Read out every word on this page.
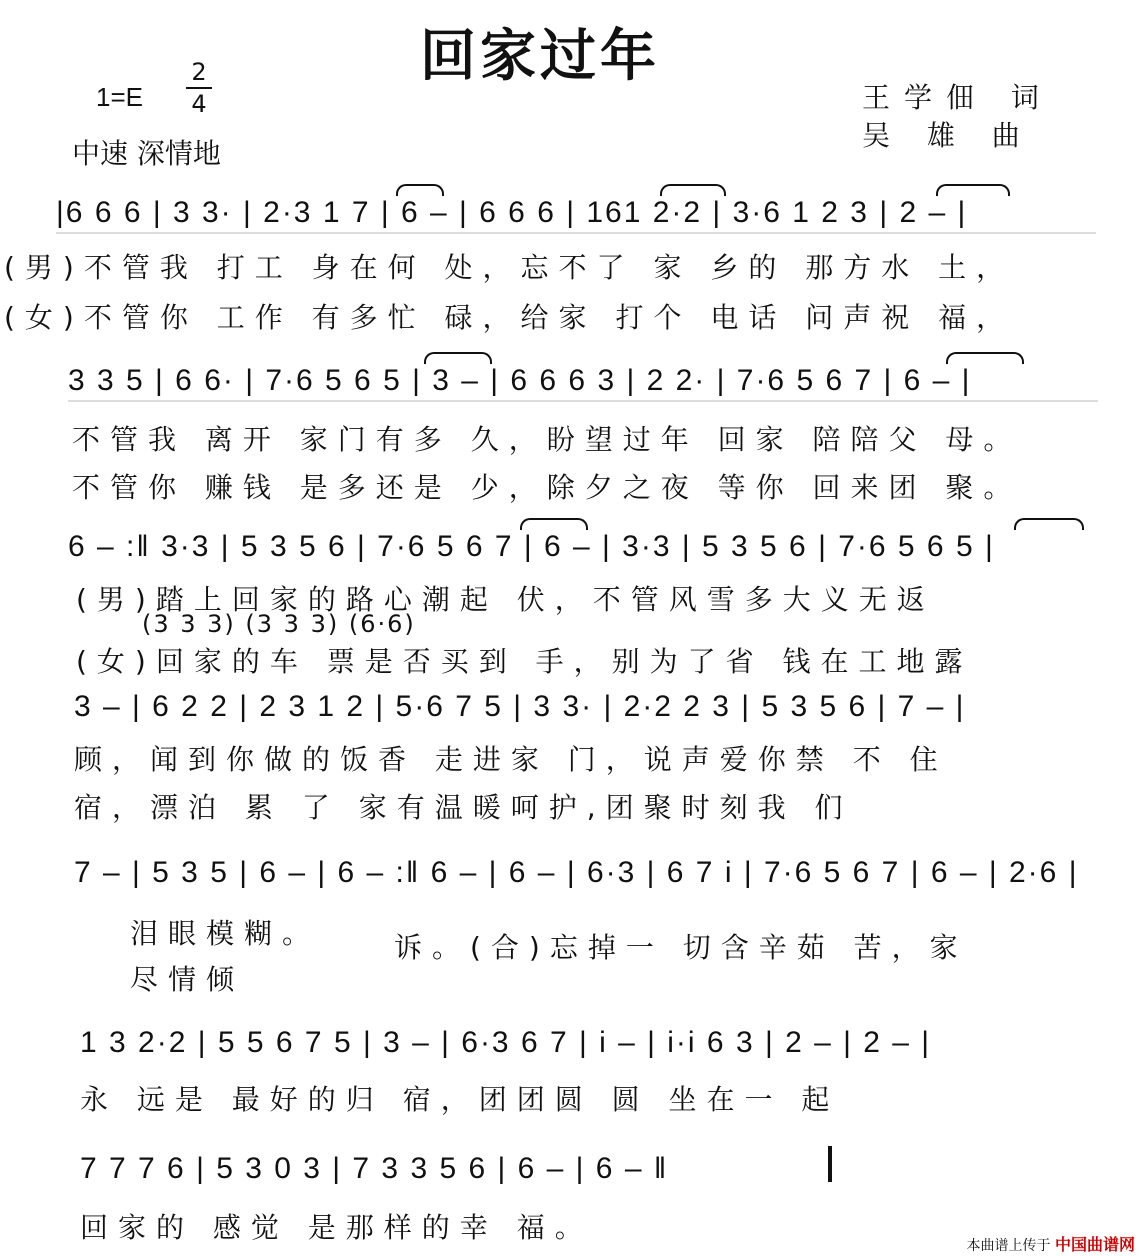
回家过年
1=E
2
4
中速 深情地
王学佃 词
吴 雄 曲
|6 6 6 | 3 3· | 2·3 1 7 | 6 – | 6 6 6 | 161 2·2 | 3·6 1 2 3 | 2 – |
(男)不管我 打工 身在何 处，忘不了 家 乡的 那方水 土，
(女)不管你 工作 有多忙 碌，给家 打个 电话 问声祝 福，
3 3 5 | 6 6· | 7·6 5 6 5 | 3 – | 6 6 6 3 | 2 2· | 7·6 5 6 7 | 6 – |
不管我 离开 家门有多 久，盼望过年 回家 陪陪父 母。
不管你 赚钱 是多还是 少，除夕之夜 等你 回来团 聚。
6 – :‖ 3·3 | 5 3 5 6 | 7·6 5 6 7 | 6 – | 3·3 | 5 3 5 6 | 7·6 5 6 5 |
(男)踏上回家的路心潮起 伏，不管风雪多大义无返
(3 3 3) (3 3 3) (6·6)
(女)回家的车 票是否买到 手，别为了省 钱在工地露
3 – | 6 2 2 | 2 3 1 2 | 5·6 7 5 | 3 3· | 2·2 2 3 | 5 3 5 6 | 7 – |
顾，闻到你做的饭香 走进家 门，说声爱你禁 不 住
宿，漂泊 累 了 家有温暖呵护,团聚时刻我 们
7 – | 5 3 5 | 6 – | 6 – :‖ 6 – | 6 – | 6·3 | 6 7 i | 7·6 5 6 7 | 6 – | 2·6 |
泪眼模糊。	诉。(合)忘掉一 切含辛茹 苦，家
尽情倾
1 3 2·2 | 5 5 6 7 5 | 3 – | 6·3 6 7 | i – | i·i 6 3 | 2 – | 2 – |
永 远是 最好的归 宿，团团圆 圆 坐在一 起
7 7 7 6 | 5 3 0 3 | 7 3 3 5 6 | 6 – | 6 – ‖
回家的 感觉 是那样的幸 福。
本曲谱上传于 中国曲谱网
